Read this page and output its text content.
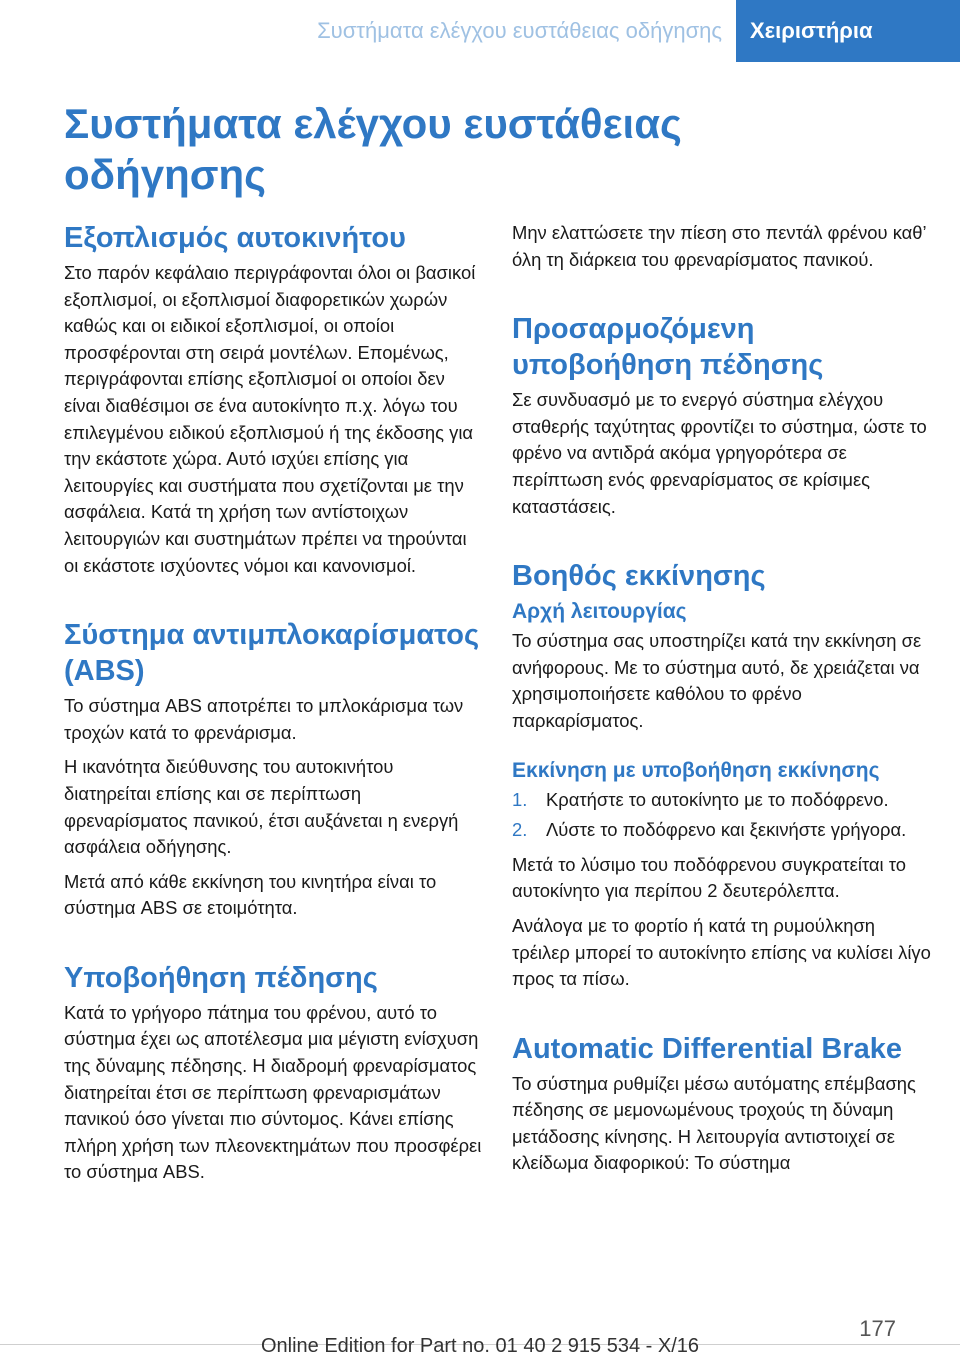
Συστήματα ελέγχου ευστάθειας οδήγησης	Χειριστήρια
Συστήματα ελέγχου ευστάθειας οδήγησης
Εξοπλισμός αυτοκινήτου

Στο παρόν κεφάλαιο περιγράφονται όλοι οι βασικοί εξοπλισμοί, οι εξοπλισμοί διαφορετικών χωρών καθώς και οι ειδικοί εξοπλισμοί, οι οποίοι προσφέρονται στη σειρά μοντέλων. Επομένως, περιγράφονται επίσης εξοπλισμοί οι οποίοι δεν είναι διαθέσιμοι σε ένα αυτοκίνητο π.χ. λόγω του επιλεγμένου ειδικού εξοπλισμού ή της έκδοσης για την εκάστοτε χώρα. Αυτό ισχύει επίσης για λειτουργίες και συστήματα που σχετίζονται με την ασφάλεια. Κατά τη χρήση των αντίστοιχων λειτουργιών και συστημάτων πρέπει να τηρούνται οι εκάστοτε ισχύοντες νόμοι και κανονισμοί.

Σύστημα αντιμπλοκαρίσματος (ABS)

Το σύστημα ABS αποτρέπει το μπλοκάρισμα των τροχών κατά το φρενάρισμα.

Η ικανότητα διεύθυνσης του αυτοκινήτου διατηρείται επίσης και σε περίπτωση φρεναρίσματος πανικού, έτσι αυξάνεται η ενεργή ασφάλεια οδήγησης.

Μετά από κάθε εκκίνηση του κινητήρα είναι το σύστημα ABS σε ετοιμότητα.

Υποβοήθηση πέδησης

Κατά το γρήγορο πάτημα του φρένου, αυτό το σύστημα έχει ως αποτέλεσμα μια μέγιστη ενίσχυση της δύναμης πέδησης. Η διαδρομή φρεναρίσματος διατηρείται έτσι σε περίπτωση φρεναρισμάτων πανικού όσο γίνεται πιο σύντομος. Κάνει επίσης πλήρη χρήση των πλεονεκτημάτων που προσφέρει το σύστημα ABS.

Μην ελαττώσετε την πίεση στο πεντάλ φρένου καθ’ όλη τη διάρκεια του φρεναρίσματος πανικού.

Προσαρμοζόμενη υποβοήθηση πέδησης

Σε συνδυασμό με το ενεργό σύστημα ελέγχου σταθερής ταχύτητας φροντίζει το σύστημα, ώστε το φρένο να αντιδρά ακόμα γρηγορότερα σε περίπτωση ενός φρεναρίσματος σε κρίσιμες καταστάσεις.

Βοηθός εκκίνησης
Αρχή λειτουργίας

Το σύστημα σας υποστηρίζει κατά την εκκίνηση σε ανήφορους. Με το σύστημα αυτό, δε χρειάζεται να χρησιμοποιήσετε καθόλου το φρένο παρκαρίσματος.

Εκκίνηση με υποβοήθηση εκκίνησης
1. Κρατήστε το αυτοκίνητο με το ποδόφρενο.
2. Λύστε το ποδόφρενο και ξεκινήστε γρήγορα.

Μετά το λύσιμο του ποδόφρενου συγκρατείται το αυτοκίνητο για περίπου 2 δευτερόλεπτα.

Ανάλογα με το φορτίο ή κατά τη ρυμούλκηση τρέιλερ μπορεί το αυτοκίνητο επίσης να κυλίσει λίγο προς τα πίσω.

Automatic Differential Brake

Το σύστημα ρυθμίζει μέσω αυτόματης επέμβασης πέδησης σε μεμονωμένους τροχούς τη δύναμη μετάδοσης κίνησης. Η λειτουργία αντιστοιχεί σε κλείδωμα διαφορικού: Το σύστημα

177
Online Edition for Part no. 01 40 2 915 534 - X/16
